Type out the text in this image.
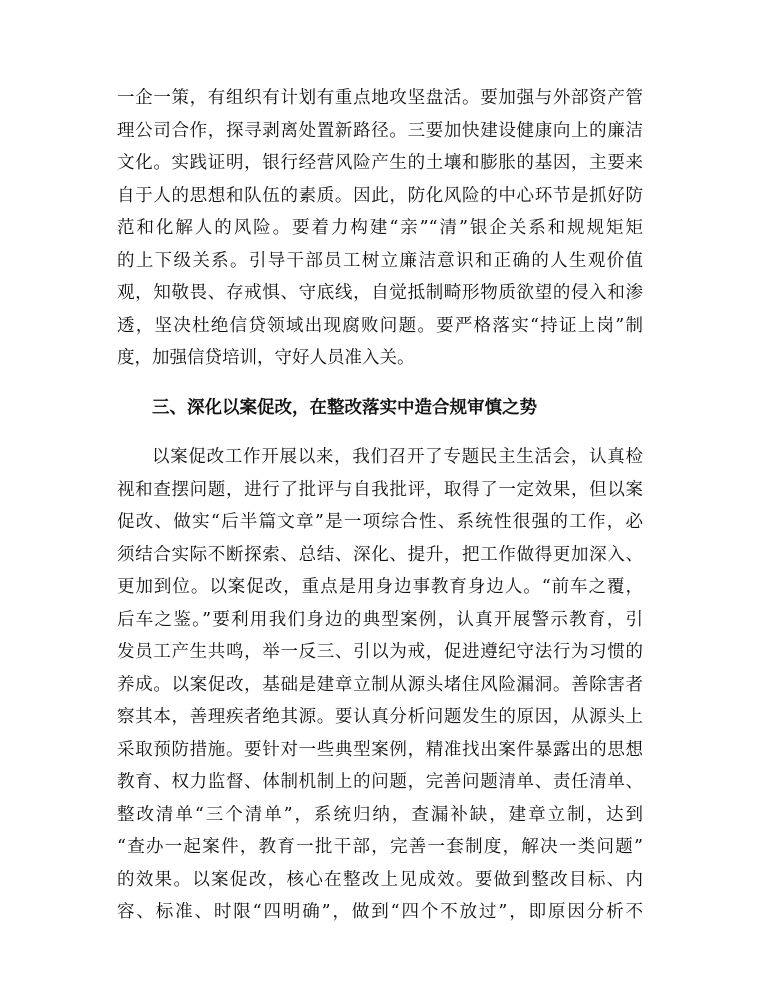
一企一策，有组织有计划有重点地攻坚盘活。要加强与外部资产管
理公司合作，探寻剥离处置新路径。三要加快建设健康向上的廉洁
文化。实践证明，银行经营风险产生的土壤和膨胀的基因，主要来
自于人的思想和队伍的素质。因此，防化风险的中心环节是抓好防
范和化解人的风险。要着力构建“亲”“清”银企关系和规规矩矩
的上下级关系。引导干部员工树立廉洁意识和正确的人生观价值
观，知敬畏、存戒惧、守底线，自觉抵制畸形物质欲望的侵入和渗
透，坚决杜绝信贷领域出现腐败问题。要严格落实“持证上岗”制
度，加强信贷培训，守好人员准入关。
三、深化以案促改，在整改落实中造合规审慎之势
以案促改工作开展以来，我们召开了专题民主生活会，认真检
视和查摆问题，进行了批评与自我批评，取得了一定效果，但以案
促改、做实“后半篇文章”是一项综合性、系统性很强的工作，必
须结合实际不断探索、总结、深化、提升，把工作做得更加深入、
更加到位。以案促改，重点是用身边事教育身边人。“前车之覆，
后车之鉴。”要利用我们身边的典型案例，认真开展警示教育，引
发员工产生共鸣，举一反三、引以为戒，促进遵纪守法行为习惯的
养成。以案促改，基础是建章立制从源头堵住风险漏洞。善除害者
察其本，善理疾者绝其源。要认真分析问题发生的原因，从源头上
采取预防措施。要针对一些典型案例，精准找出案件暴露出的思想
教育、权力监督、体制机制上的问题，完善问题清单、责任清单、
整改清单“三个清单”，系统归纳，查漏补缺，建章立制，达到
“查办一起案件，教育一批干部，完善一套制度，解决一类问题”
的效果。以案促改，核心在整改上见成效。要做到整改目标、内
容、标准、时限“四明确”，做到“四个不放过”，即原因分析不
